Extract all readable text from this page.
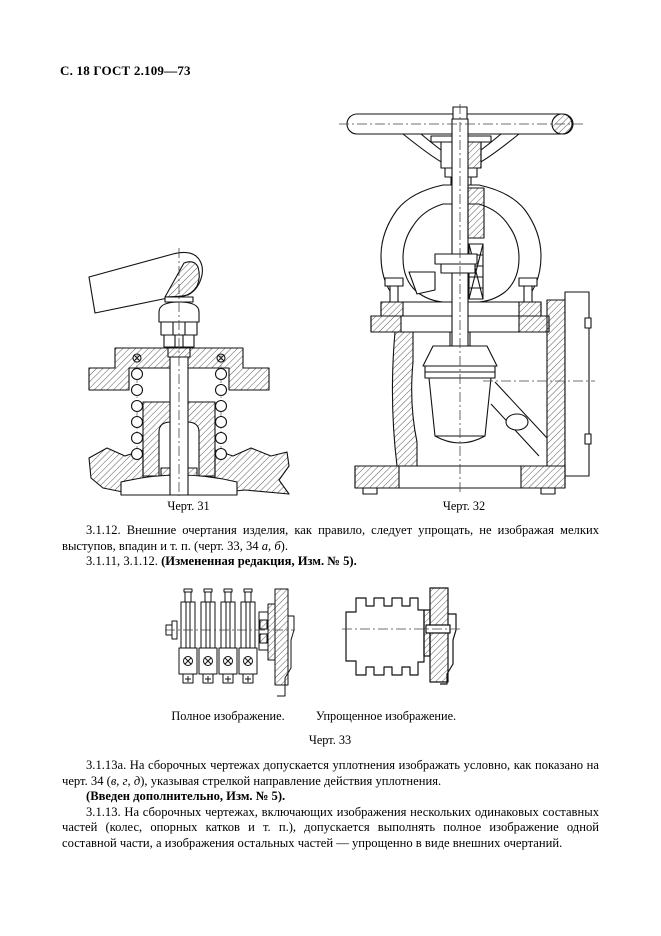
С. 18 ГОСТ 2.109—73
Черт. 31	Черт. 32

3.1.12. Внешние очертания изделия, как правило, следует упрощать, не изображая мелких выступов, впадин и т. п. (черт. 33, 34 а, б).

3.1.11, 3.1.12. (Измененная редакция, Изм. № 5).

Полное изображение.	Упрощенное изображение.
Черт. 33

3.1.13а. На сборочных чертежах допускается уплотнения изображать условно, как показано на черт. 34 (в, г, д), указывая стрелкой направление действия уплотнения.

(Введен дополнительно, Изм. № 5).

3.1.13. На сборочных чертежах, включающих изображения нескольких одинаковых составных частей (колес, опорных катков и т. п.), допускается выполнять полное изображение одной составной части, а изображения остальных частей — упрощенно в виде внешних очертаний.
